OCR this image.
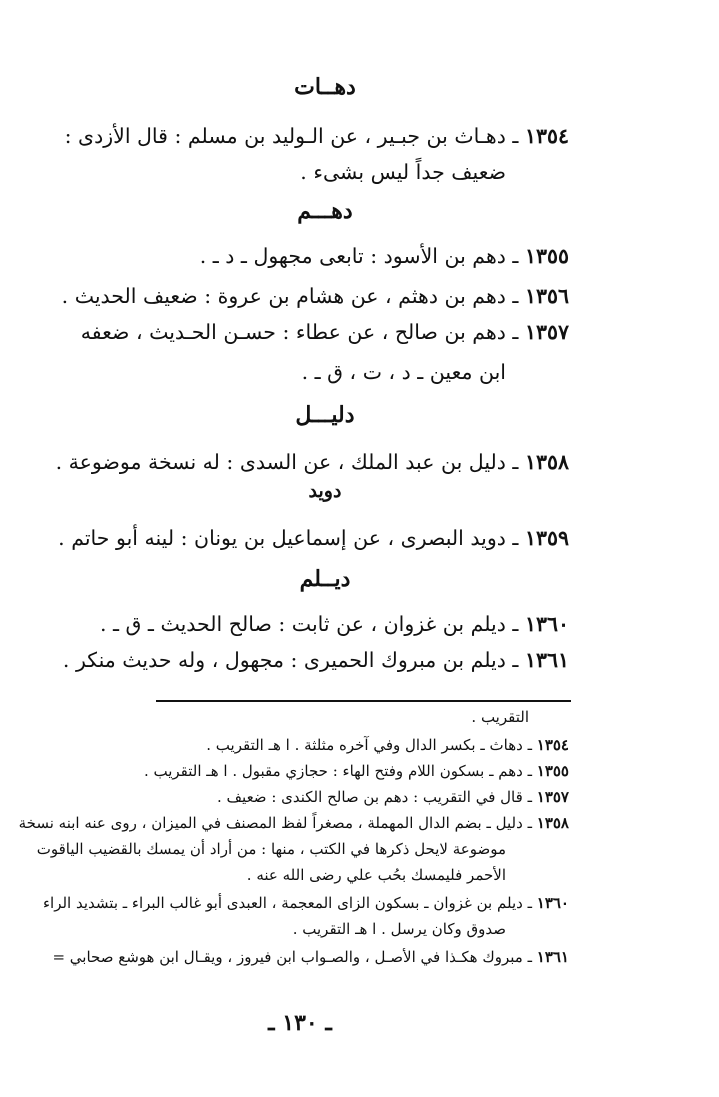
دهــات
١٣٥٤ ـ دهـاث بن جبـير ، عن الـوليد بن مسلم : قال الأزدى :
ضعيف جداً ليس بشىء .
دهـــم
١٣٥٥ ـ دهم بن الأسود : تابعى مجهول ـ د ـ .
١٣٥٦ ـ دهم بن دهثم ، عن هشام بن عروة : ضعيف الحديث .
١٣٥٧ ـ دهم بن صالح ، عن عطاء : حسـن الحـديث ، ضعفه
ابن معين ـ د ، ت ، ق ـ .
دليـــل
١٣٥٨ ـ دليل بن عبد الملك ، عن السدى : له نسخة موضوعة .
دويد
١٣٥٩ ـ دويد البصرى ، عن إسماعيل بن يونان : لينه أبو حاتم .
ديــلم
١٣٦٠ ـ ديلم بن غزوان ، عن ثابت : صالح الحديث ـ ق ـ .
١٣٦١ ـ ديلم بن مبروك الحميرى : مجهول ، وله حديث منكر .
التقريب .
١٣٥٤ ـ دهاث ـ بكسر الدال وفي آخره مثلثة . ا هـ التقريب .
١٣٥٥ ـ دهم ـ بسكون اللام وفتح الهاء : حجازي مقبول . ا هـ التقريب .
١٣٥٧ ـ قال في التقريب : دهم بن صالح الكندى : ضعيف .
١٣٥٨ ـ دليل ـ بضم الدال المهملة ، مصغراً لفظ المصنف في الميزان ، روى عنه ابنه نسخة
موضوعة لايحل ذكرها في الكتب ، منها : من أراد أن يمسك بالقضيب الياقوت
الأحمر فليمسك بحُب علي رضى الله عنه .
١٣٦٠ ـ ديلم بن غزوان ـ بسكون الزاى المعجمة ، العبدى أبو غالب البراء ـ بتشديد الراء
صدوق وكان يرسل . ا هـ التقريب .
١٣٦١ ـ مبروك هكـذا في الأصـل ، والصـواب ابن فيروز ، ويقـال ابن هوشع صحابي =
ـ ١٣٠ ـ
